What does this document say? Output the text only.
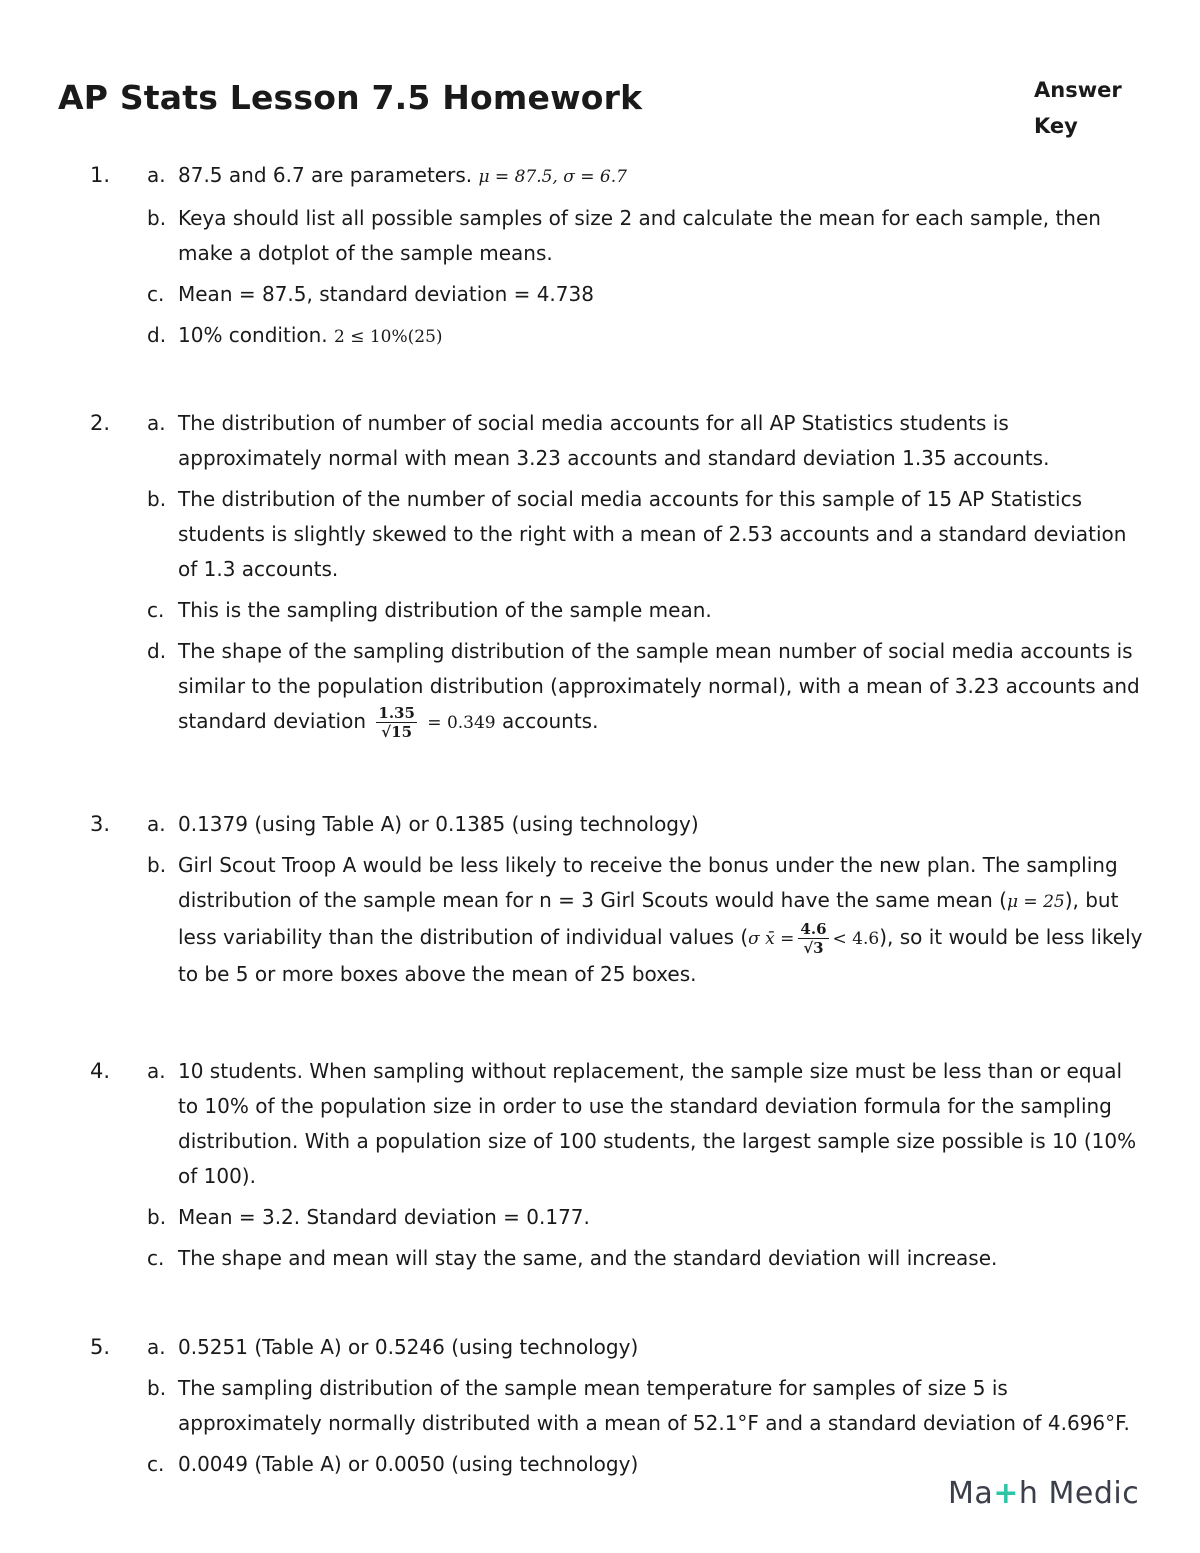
AP Stats Lesson 7.5 Homework	Answer Key
1. a. 87.5 and 6.7 are parameters. μ = 87.5, σ = 6.7
b. Keya should list all possible samples of size 2 and calculate the mean for each sample, then make a dotplot of the sample means.
c. Mean = 87.5, standard deviation = 4.738
d. 10% condition. 2 ≤ 10%(25)
2. a. The distribution of number of social media accounts for all AP Statistics students is approximately normal with mean 3.23 accounts and standard deviation 1.35 accounts.
b. The distribution of the number of social media accounts for this sample of 15 AP Statistics students is slightly skewed to the right with a mean of 2.53 accounts and a standard deviation of 1.3 accounts.
c. This is the sampling distribution of the sample mean.
d. The shape of the sampling distribution of the sample mean number of social media accounts is similar to the population distribution (approximately normal), with a mean of 3.23 accounts and standard deviation $\frac{1.35}{√15} = 0.349$ accounts.
3. a. 0.1379 (using Table A) or 0.1385 (using technology)
b. Girl Scout Troop A would be less likely to receive the bonus under the new plan. The sampling distribution of the sample mean for n = 3 Girl Scouts would have the same mean (μ = 25), but less variability than the distribution of individual values (σ x̄ = $\frac{4.6}{√3} < 4.6$), so it would be less likely to be 5 or more boxes above the mean of 25 boxes.
4. a. 10 students. When sampling without replacement, the sample size must be less than or equal to 10% of the population size in order to use the standard deviation formula for the sampling distribution. With a population size of 100 students, the largest sample size possible is 10 (10% of 100).
b. Mean = 3.2. Standard deviation = 0.177.
c. The shape and mean will stay the same, and the standard deviation will increase.
5. a. 0.5251 (Table A) or 0.5246 (using technology)
b. The sampling distribution of the sample mean temperature for samples of size 5 is approximately normally distributed with a mean of 52.1°F and a standard deviation of 4.696°F.
c. 0.0049 (Table A) or 0.0050 (using technology)
Ma+h Medic
